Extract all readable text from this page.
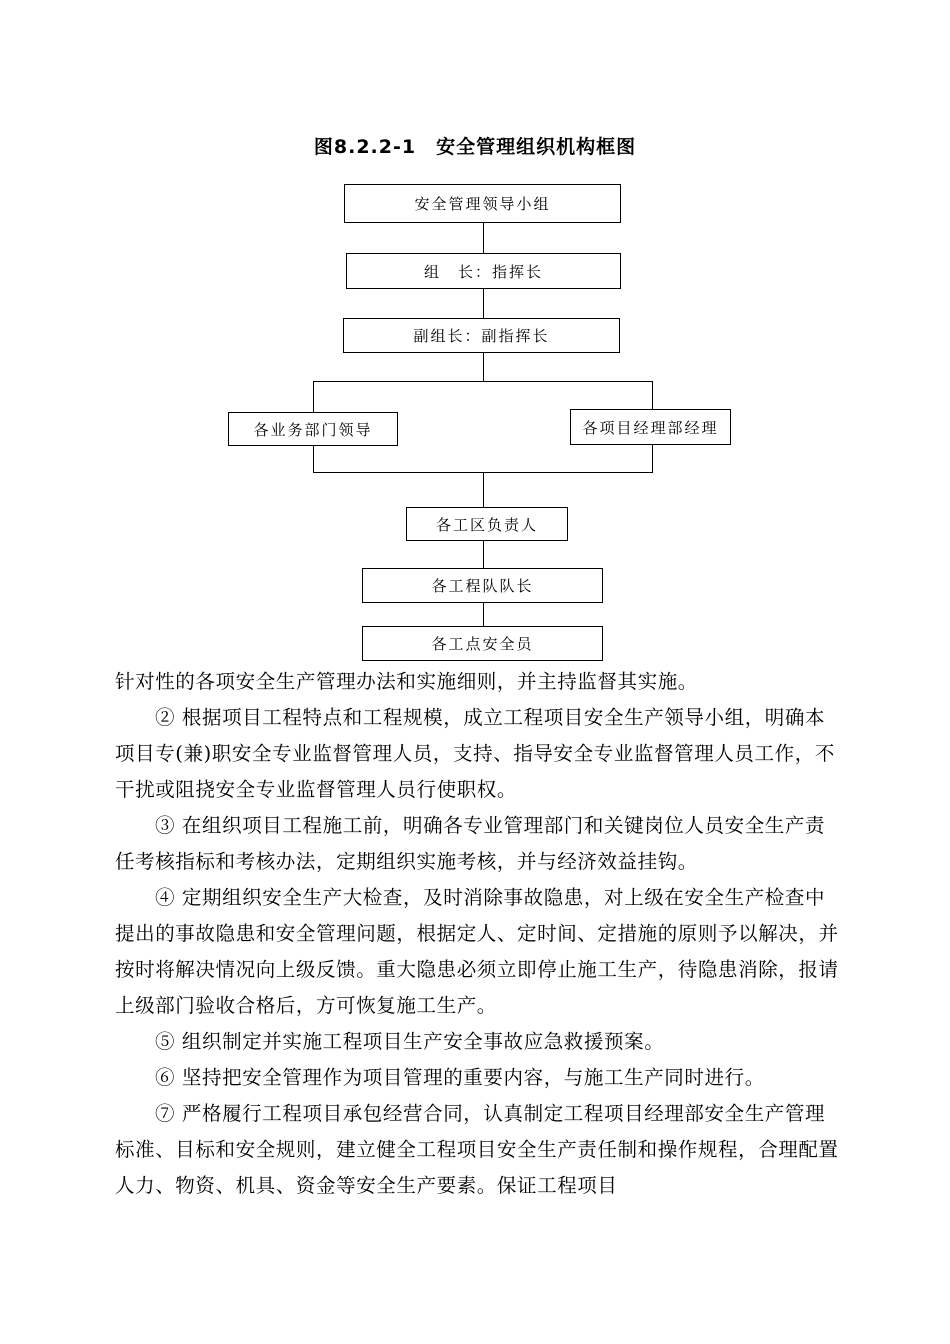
图8.2.2-1　安全管理组织机构框图
安全管理领导小组
组　长：指挥长
副组长：副指挥长
各业务部门领导	各项目经理部经理
各工区负责人
各工程队队长
各工点安全员

针对性的各项安全生产管理办法和实施细则，并主持监督其实施。

② 根据项目工程特点和工程规模，成立工程项目安全生产领导小组，明确本项目专(兼)职安全专业监督管理人员，支持、指导安全专业监督管理人员工作，不干扰或阻挠安全专业监督管理人员行使职权。

③ 在组织项目工程施工前，明确各专业管理部门和关键岗位人员安全生产责任考核指标和考核办法，定期组织实施考核，并与经济效益挂钩。

④ 定期组织安全生产大检查，及时消除事故隐患，对上级在安全生产检查中提出的事故隐患和安全管理问题，根据定人、定时间、定措施的原则予以解决，并按时将解决情况向上级反馈。重大隐患必须立即停止施工生产，待隐患消除，报请上级部门验收合格后，方可恢复施工生产。

⑤ 组织制定并实施工程项目生产安全事故应急救援预案。

⑥ 坚持把安全管理作为项目管理的重要内容，与施工生产同时进行。

⑦ 严格履行工程项目承包经营合同，认真制定工程项目经理部安全生产管理标准、目标和安全规则，建立健全工程项目安全生产责任制和操作规程，合理配置人力、物资、机具、资金等安全生产要素。保证工程项目
